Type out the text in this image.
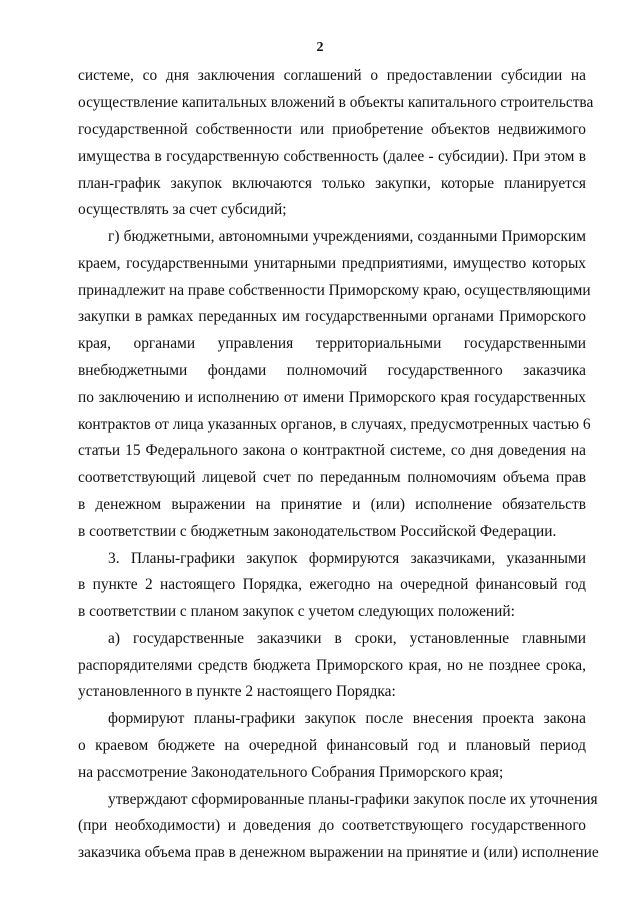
2
системе, со дня заключения соглашений о предоставлении субсидии на
осуществление капитальных вложений в объекты капитального строительства
государственной собственности или приобретение объектов недвижимого
имущества в государственную собственность (далее - субсидии). При этом в
план-график закупок включаются только закупки, которые планируется
осуществлять за счет субсидий;
г) бюджетными, автономными учреждениями, созданными Приморским
краем, государственными унитарными предприятиями, имущество которых
принадлежит на праве собственности Приморскому краю, осуществляющими
закупки в рамках переданных им государственными органами Приморского
края, органами управления территориальными государственными
внебюджетными фондами полномочий государственного заказчика
по заключению и исполнению от имени Приморского края государственных
контрактов от лица указанных органов, в случаях, предусмотренных частью 6
статьи 15 Федерального закона о контрактной системе, со дня доведения на
соответствующий лицевой счет по переданным полномочиям объема прав
в денежном выражении на принятие и (или) исполнение обязательств
в соответствии с бюджетным законодательством Российской Федерации.
3. Планы-графики закупок формируются заказчиками, указанными
в пункте 2 настоящего Порядка, ежегодно на очередной финансовый год
в соответствии с планом закупок с учетом следующих положений:
а) государственные заказчики в сроки, установленные главными
распорядителями средств бюджета Приморского края, но не позднее срока,
установленного в пункте 2 настоящего Порядка:
формируют планы-графики закупок после внесения проекта закона
о краевом бюджете на очередной финансовый год и плановый период
на рассмотрение Законодательного Собрания Приморского края;
утверждают сформированные планы-графики закупок после их уточнения
(при необходимости) и доведения до соответствующего государственного
заказчика объема прав в денежном выражении на принятие и (или) исполнение
